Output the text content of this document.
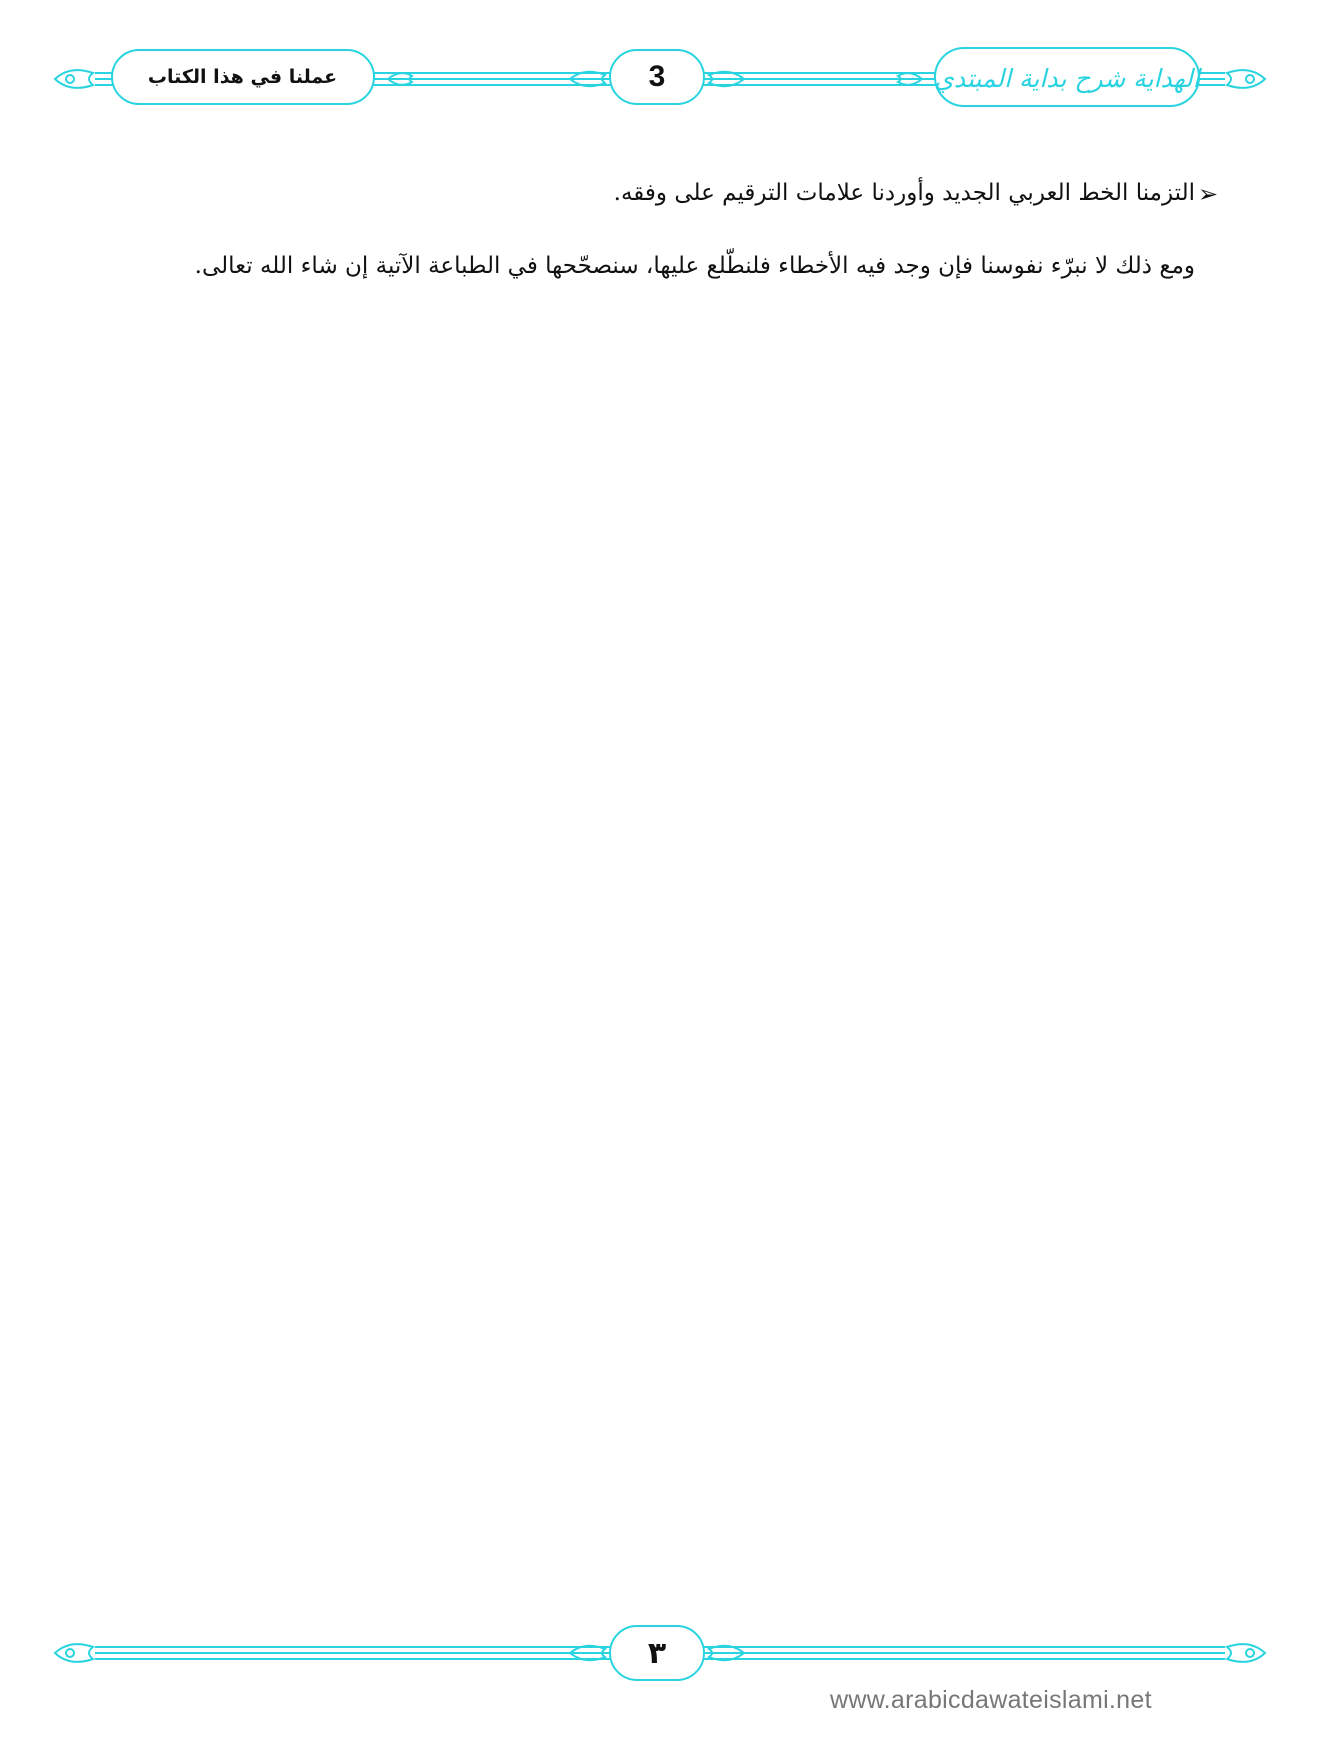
الهداية شرح بداية المبتدي
3
عملنا في هذا الكتاب
➢
التزمنا الخط العربي الجديد وأوردنا علامات الترقيم على وفقه.
ومع ذلك لا نبرّء نفوسنا فإن وجد فيه الأخطاء فلنطّلع عليها، سنصحّحها في الطباعة الآتية إن شاء الله تعالى.
٣
www.arabicdawateislami.net
